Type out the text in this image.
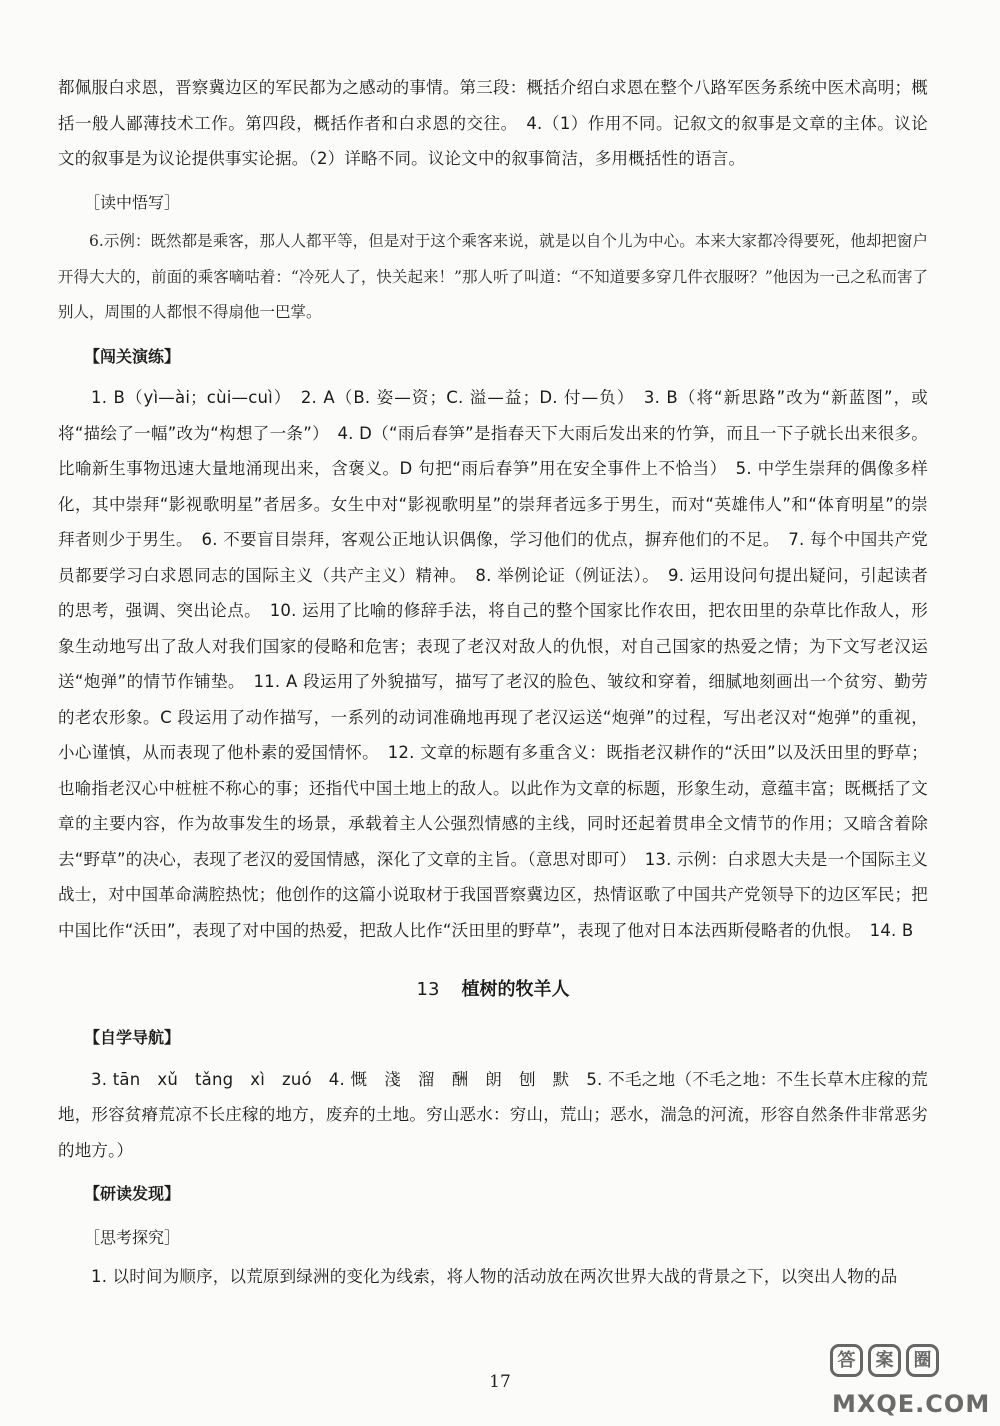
都佩服白求恩，晋察冀边区的军民都为之感动的事情。第三段：概括介绍白求恩在整个八路军医务系统中医术高明；概括一般人鄙薄技术工作。第四段，概括作者和白求恩的交往。　4.（1）作用不同。记叙文的叙事是文章的主体。议论文的叙事是为议论提供事实论据。（2）详略不同。议论文中的叙事简洁，多用概括性的语言。

［读中悟写］

6.示例：既然都是乘客，那人人都平等，但是对于这个乘客来说，就是以自个儿为中心。本来大家都冷得要死，他却把窗户开得大大的，前面的乘客嘀咕着：“冷死人了，快关起来！”那人听了叫道：“不知道要多穿几件衣服呀？”他因为一己之私而害了别人，周围的人都恨不得扇他一巴掌。

【闯关演练】

1. B（yì—ài；cùi—cuì）　2. A（B. 姿—资；C. 溢—益；D. 付—负）　3. B（将“新思路”改为“新蓝图”，或将“描绘了一幅”改为“构想了一条”）　4. D（“雨后春笋”是指春天下大雨后发出来的竹笋，而且一下子就长出来很多。比喻新生事物迅速大量地涌现出来，含褒义。D 句把“雨后春笋”用在安全事件上不恰当）　5. 中学生崇拜的偶像多样化，其中崇拜“影视歌明星”者居多。女生中对“影视歌明星”的崇拜者远多于男生，而对“英雄伟人”和“体育明星”的崇拜者则少于男生。　6. 不要盲目崇拜，客观公正地认识偶像，学习他们的优点，摒弃他们的不足。　7. 每个中国共产党员都要学习白求恩同志的国际主义（共产主义）精神。　8. 举例论证（例证法）。　9. 运用设问句提出疑问，引起读者的思考，强调、突出论点。　10. 运用了比喻的修辞手法，将自己的整个国家比作农田，把农田里的杂草比作敌人，形象生动地写出了敌人对我们国家的侵略和危害；表现了老汉对敌人的仇恨，对自己国家的热爱之情；为下文写老汉运送“炮弹”的情节作铺垫。　11. A 段运用了外貌描写，描写了老汉的脸色、皱纹和穿着，细腻地刻画出一个贫穷、勤劳的老农形象。C 段运用了动作描写，一系列的动词准确地再现了老汉运送“炮弹”的过程，写出老汉对“炮弹”的重视，小心谨慎，从而表现了他朴素的爱国情怀。　12. 文章的标题有多重含义：既指老汉耕作的“沃田”以及沃田里的野草；也喻指老汉心中桩桩不称心的事；还指代中国土地上的敌人。以此作为文章的标题，形象生动，意蕴丰富；既概括了文章的主要内容，作为故事发生的场景，承载着主人公强烈情感的主线，同时还起着贯串全文情节的作用；又暗含着除去“野草”的决心，表现了老汉的爱国情感，深化了文章的主旨。（意思对即可）　13. 示例：白求恩大夫是一个国际主义战士，对中国革命满腔热忱；他创作的这篇小说取材于我国晋察冀边区，热情讴歌了中国共产党领导下的边区军民；把中国比作“沃田”，表现了对中国的热爱，把敌人比作“沃田里的野草”，表现了他对日本法西斯侵略者的仇恨。　14. B

13 植树的牧羊人

【自学导航】

3. tān　xǔ　tǎng　xì　zuó　4. 慨　淺　溜　酬　朗　刨　默　5. 不毛之地（不毛之地：不生长草木庄稼的荒地，形容贫瘠荒凉不长庄稼的地方，废弃的土地。穷山恶水：穷山，荒山；恶水，湍急的河流，形容自然条件非常恶劣的地方。）

【研读发现】

［思考探究］

1. 以时间为顺序，以荒原到绿洲的变化为线索，将人物的活动放在两次世界大战的背景之下，以突出人物的品

17
答	案	圈
MXQE.COM
